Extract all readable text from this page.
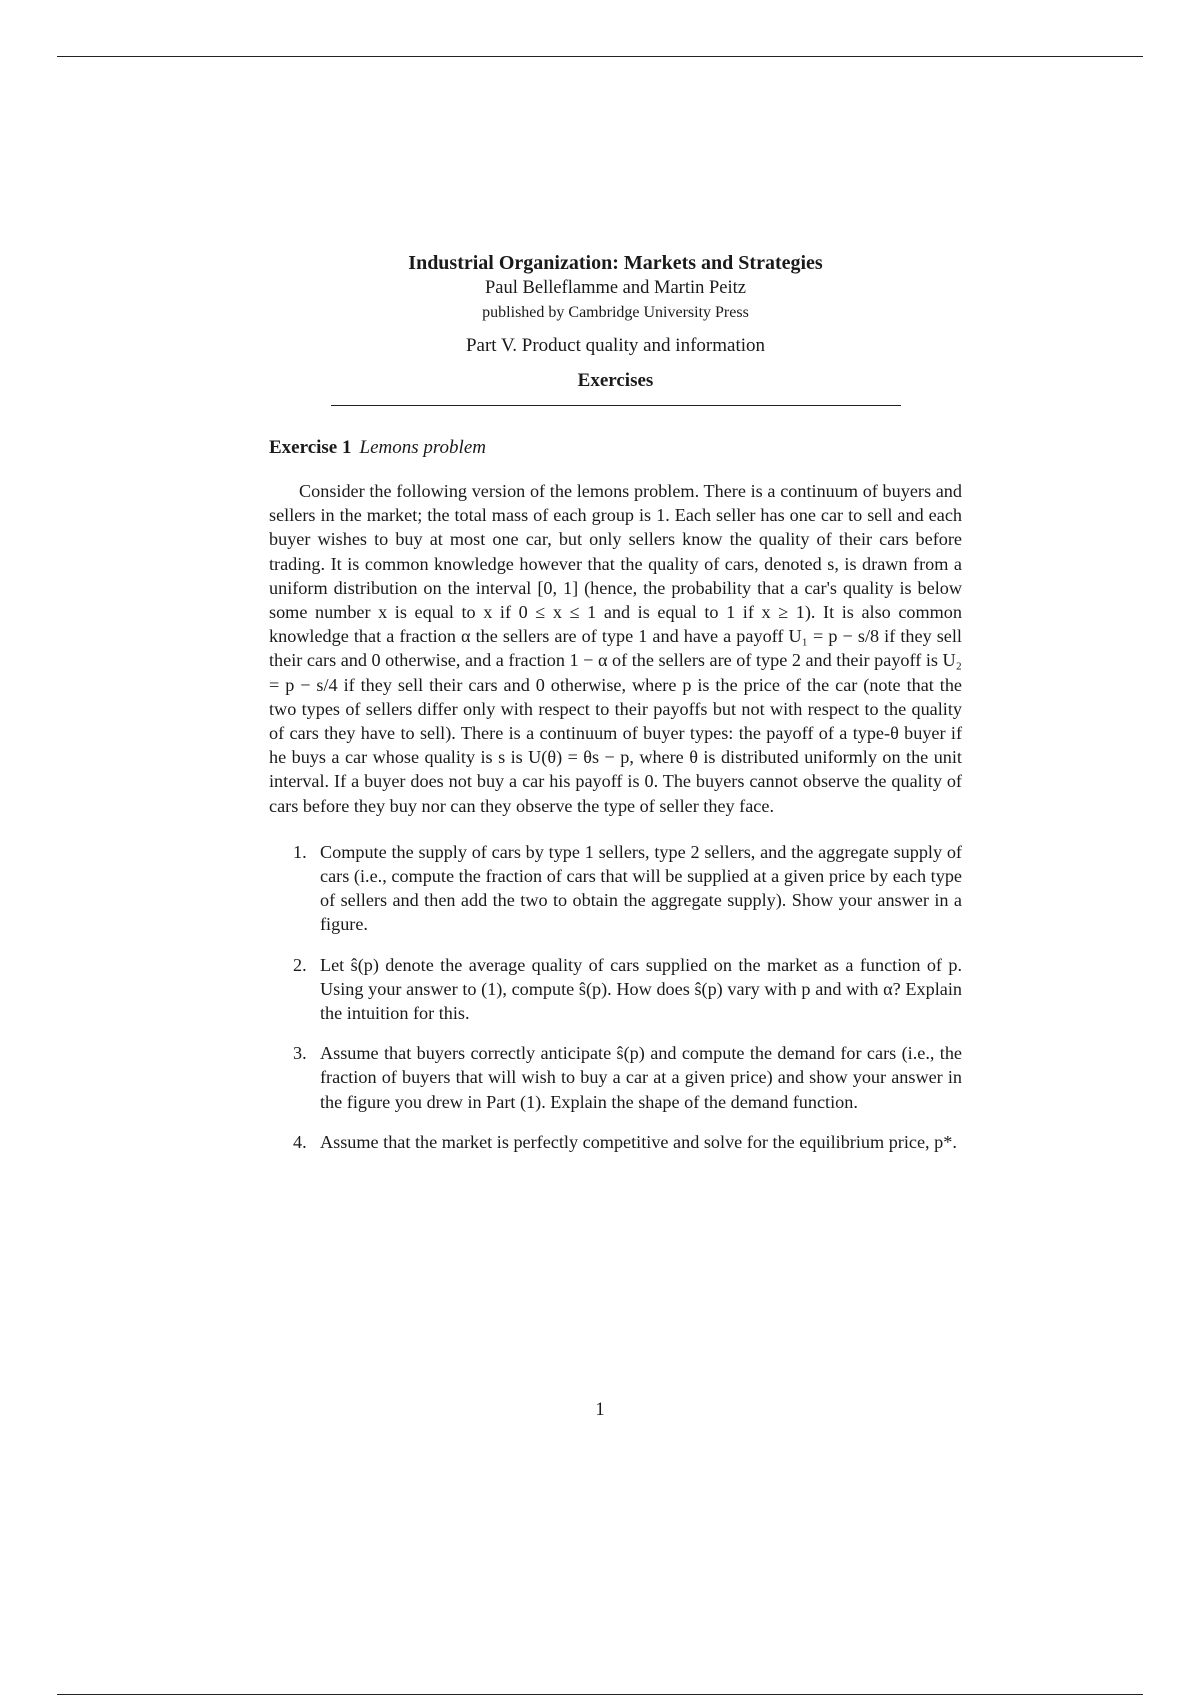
Industrial Organization: Markets and Strategies
Paul Belleflamme and Martin Peitz
published by Cambridge University Press
Part V. Product quality and information
Exercises
Exercise 1 Lemons problem

Consider the following version of the lemons problem. There is a continuum of buyers and sellers in the market; the total mass of each group is 1. Each seller has one car to sell and each buyer wishes to buy at most one car, but only sellers know the quality of their cars before trading. It is common knowledge however that the quality of cars, denoted s, is drawn from a uniform distribution on the interval [0, 1] (hence, the probability that a car's quality is below some number x is equal to x if 0 ≤ x ≤ 1 and is equal to 1 if x ≥ 1). It is also common knowledge that a fraction α the sellers are of type 1 and have a payoff U₁ = p − s/8 if they sell their cars and 0 otherwise, and a fraction 1 − α of the sellers are of type 2 and their payoff is U₂ = p − s/4 if they sell their cars and 0 otherwise, where p is the price of the car (note that the two types of sellers differ only with respect to their payoffs but not with respect to the quality of cars they have to sell). There is a continuum of buyer types: the payoff of a type-θ buyer if he buys a car whose quality is s is U(θ) = θs − p, where θ is distributed uniformly on the unit interval. If a buyer does not buy a car his payoff is 0. The buyers cannot observe the quality of cars before they buy nor can they observe the type of seller they face.

1. Compute the supply of cars by type 1 sellers, type 2 sellers, and the aggregate supply of cars (i.e., compute the fraction of cars that will be supplied at a given price by each type of sellers and then add the two to obtain the aggregate supply). Show your answer in a figure.
2. Let ŝ(p) denote the average quality of cars supplied on the market as a function of p. Using your answer to (1), compute ŝ(p). How does ŝ(p) vary with p and with α? Explain the intuition for this.
3. Assume that buyers correctly anticipate ŝ(p) and compute the demand for cars (i.e., the fraction of buyers that will wish to buy a car at a given price) and show your answer in the figure you drew in Part (1). Explain the shape of the demand function.
4. Assume that the market is perfectly competitive and solve for the equilibrium price, p*.
1
